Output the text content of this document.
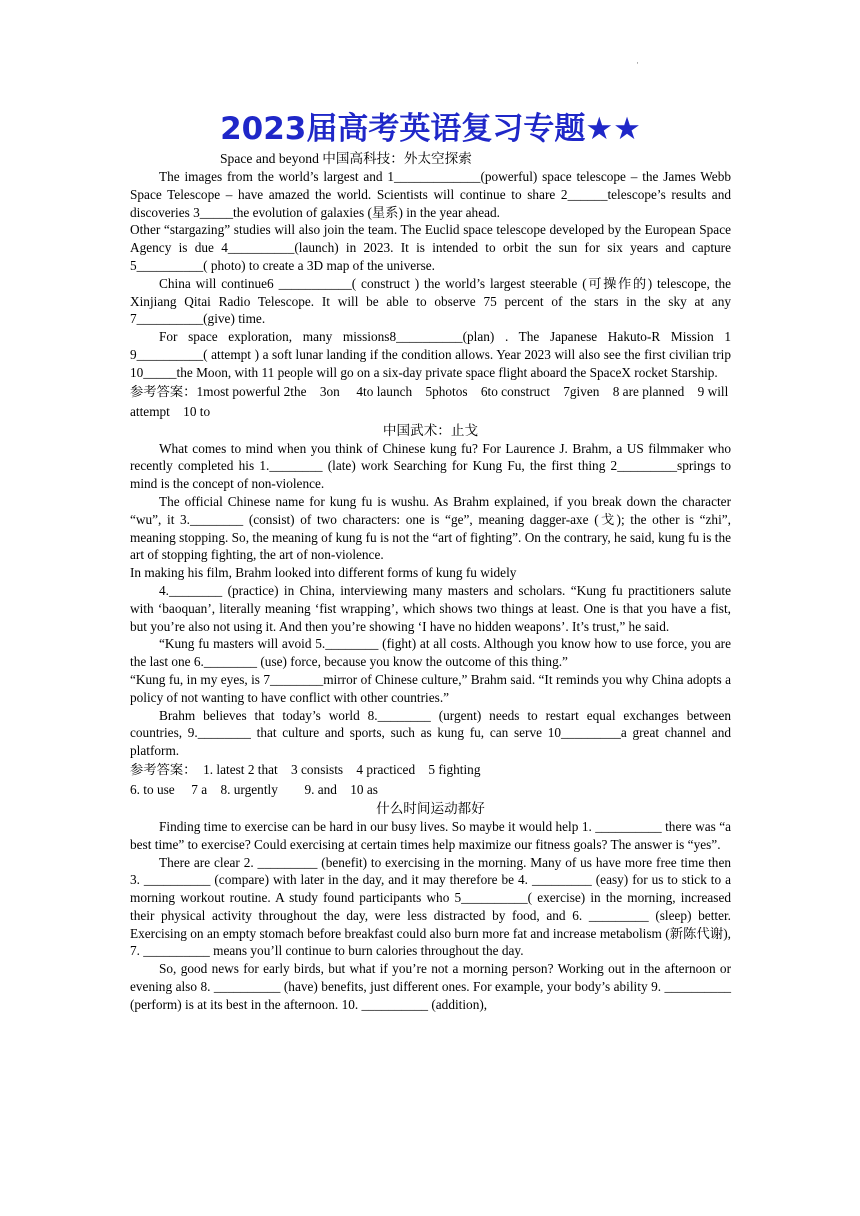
·
2023届高考英语复习专题★★
Space and beyond 中国高科技：外太空探索

The images from the world’s largest and 1_____________(powerful) space telescope – the James Webb Space Telescope – have amazed the world. Scientists will continue to share 2______telescope’s results and discoveries 3_____the evolution of galaxies (星系) in the year ahead.

Other “stargazing” studies will also join the team. The Euclid space telescope developed by the European Space Agency is due 4__________(launch) in 2023. It is intended to orbit the sun for six years and capture 5__________( photo) to create a 3D map of the universe.

China will continue6 ___________( construct ) the world’s largest steerable (可操作的) telescope, the Xinjiang Qitai Radio Telescope. It will be able to observe 75 percent of the stars in the sky at any 7__________(give) time.

For space exploration, many missions8__________(plan) . The Japanese Hakuto-R Mission 1 9__________( attempt ) a soft lunar landing if the condition allows. Year 2023 will also see the first civilian trip 10_____the Moon, with 11 people will go on a six-day private space flight aboard the SpaceX rocket Starship.

参考答案：1most powerful 2the　3on　 4to launch　5photos　6to construct　7given　8 are planned　9 will attempt　10 to

中国武术：止戈

What comes to mind when you think of Chinese kung fu? For Laurence J. Brahm, a US filmmaker who recently completed his 1.________ (late) work Searching for Kung Fu, the first thing 2_________springs to mind is the concept of non-violence.

The official Chinese name for kung fu is wushu. As Brahm explained, if you break down the character “wu”, it 3.________ (consist) of two characters: one is “ge”, meaning dagger-axe (戈); the other is “zhi”, meaning stopping. So, the meaning of kung fu is not the “art of fighting”. On the contrary, he said, kung fu is the art of stopping fighting, the art of non-violence.

In making his film, Brahm looked into different forms of kung fu widely

4.________ (practice) in China, interviewing many masters and scholars. “Kung fu practitioners salute with ‘baoquan’, literally meaning ‘fist wrapping’, which shows two things at least. One is that you have a fist, but you’re also not using it. And then you’re showing ‘I have no hidden weapons’. It’s trust,” he said.

“Kung fu masters will avoid 5.________ (fight) at all costs. Although you know how to use force, you are the last one 6.________ (use) force, because you know the outcome of this thing.”

“Kung fu, in my eyes, is 7________mirror of Chinese culture,” Brahm said. “It reminds you why China adopts a policy of not wanting to have conflict with other countries.”

Brahm believes that today’s world 8.________ (urgent) needs to restart equal exchanges between countries, 9.________ that culture and sports, such as kung fu, can serve 10_________a great channel and platform.

参考答案：　1. latest 2 that　3 consists　4 practiced　5 fighting

6. to use　 7 a　8. urgently　　9. and　10 as

什么时间运动都好

Finding time to exercise can be hard in our busy lives. So maybe it would help 1. __________ there was “a best time” to exercise? Could exercising at certain times help maximize our fitness goals? The answer is “yes”.

There are clear 2. _________ (benefit) to exercising in the morning. Many of us have more free time then 3. __________ (compare) with later in the day, and it may therefore be 4. _________ (easy) for us to stick to a morning workout routine. A study found participants who 5__________( exercise) in the morning, increased their physical activity throughout the day, were less distracted by food, and 6. _________ (sleep) better. Exercising on an empty stomach before breakfast could also burn more fat and increase metabolism (新陈代谢), 7. __________ means you’ll continue to burn calories throughout the day.

So, good news for early birds, but what if you’re not a morning person? Working out in the afternoon or evening also 8. __________ (have) benefits, just different ones. For example, your body’s ability 9. __________ (perform) is at its best in the afternoon. 10. __________ (addition),
